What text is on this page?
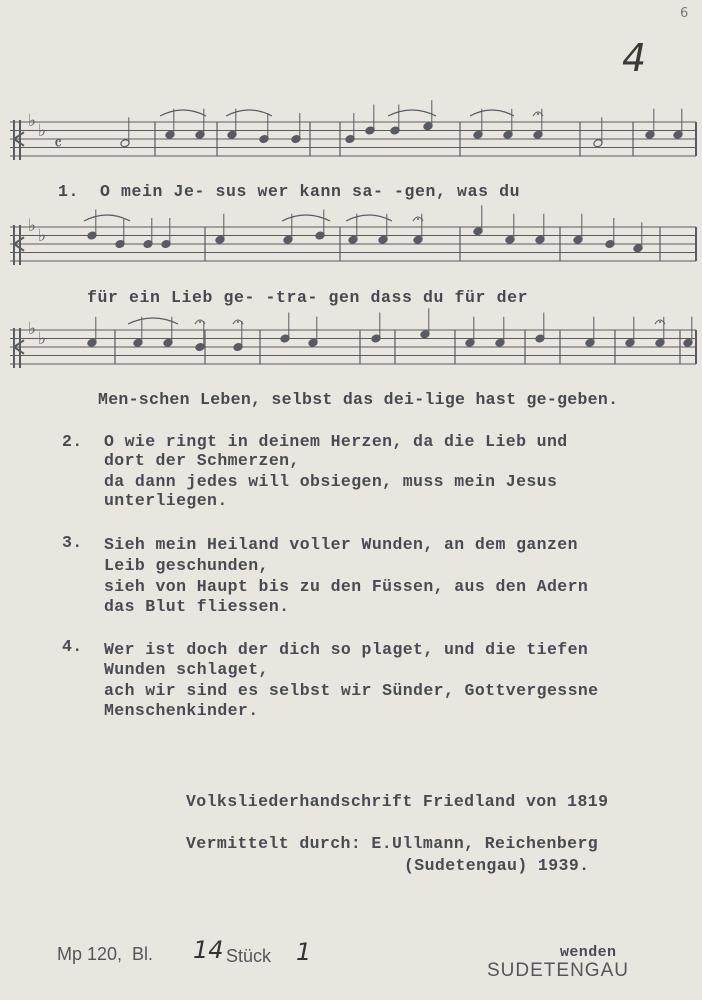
6
4
♭ ♭
𝄴
1.  O mein Je- sus wer kann sa- -gen, was du
♭ ♭
für ein Lieb ge- -tra- gen dass du für der
♭ ♭
Men-schen Leben, selbst das dei-lige hast ge-geben.
2. O wie ringt in deinem Herzen, da die Lieb und
dort der Schmerzen,
da dann jedes will obsiegen, muss mein Jesus
unterliegen.
3. Sieh mein Heiland voller Wunden, an dem ganzen
Leib geschunden,
sieh von Haupt bis zu den Füssen, aus den Adern
das Blut fliessen.
4. Wer ist doch der dich so plaget, und die tiefen
Wunden schlaget,
ach wir sind es selbst wir Sünder, Gottvergessne
Menschenkinder.
Volksliederhandschrift Friedland von 1819
Vermittelt durch: E.Ullmann, Reichenberg
(Sudetengau) 1939.
Mp 120,  Bl. 14 Stück 1	wenden
SUDETENGAU
